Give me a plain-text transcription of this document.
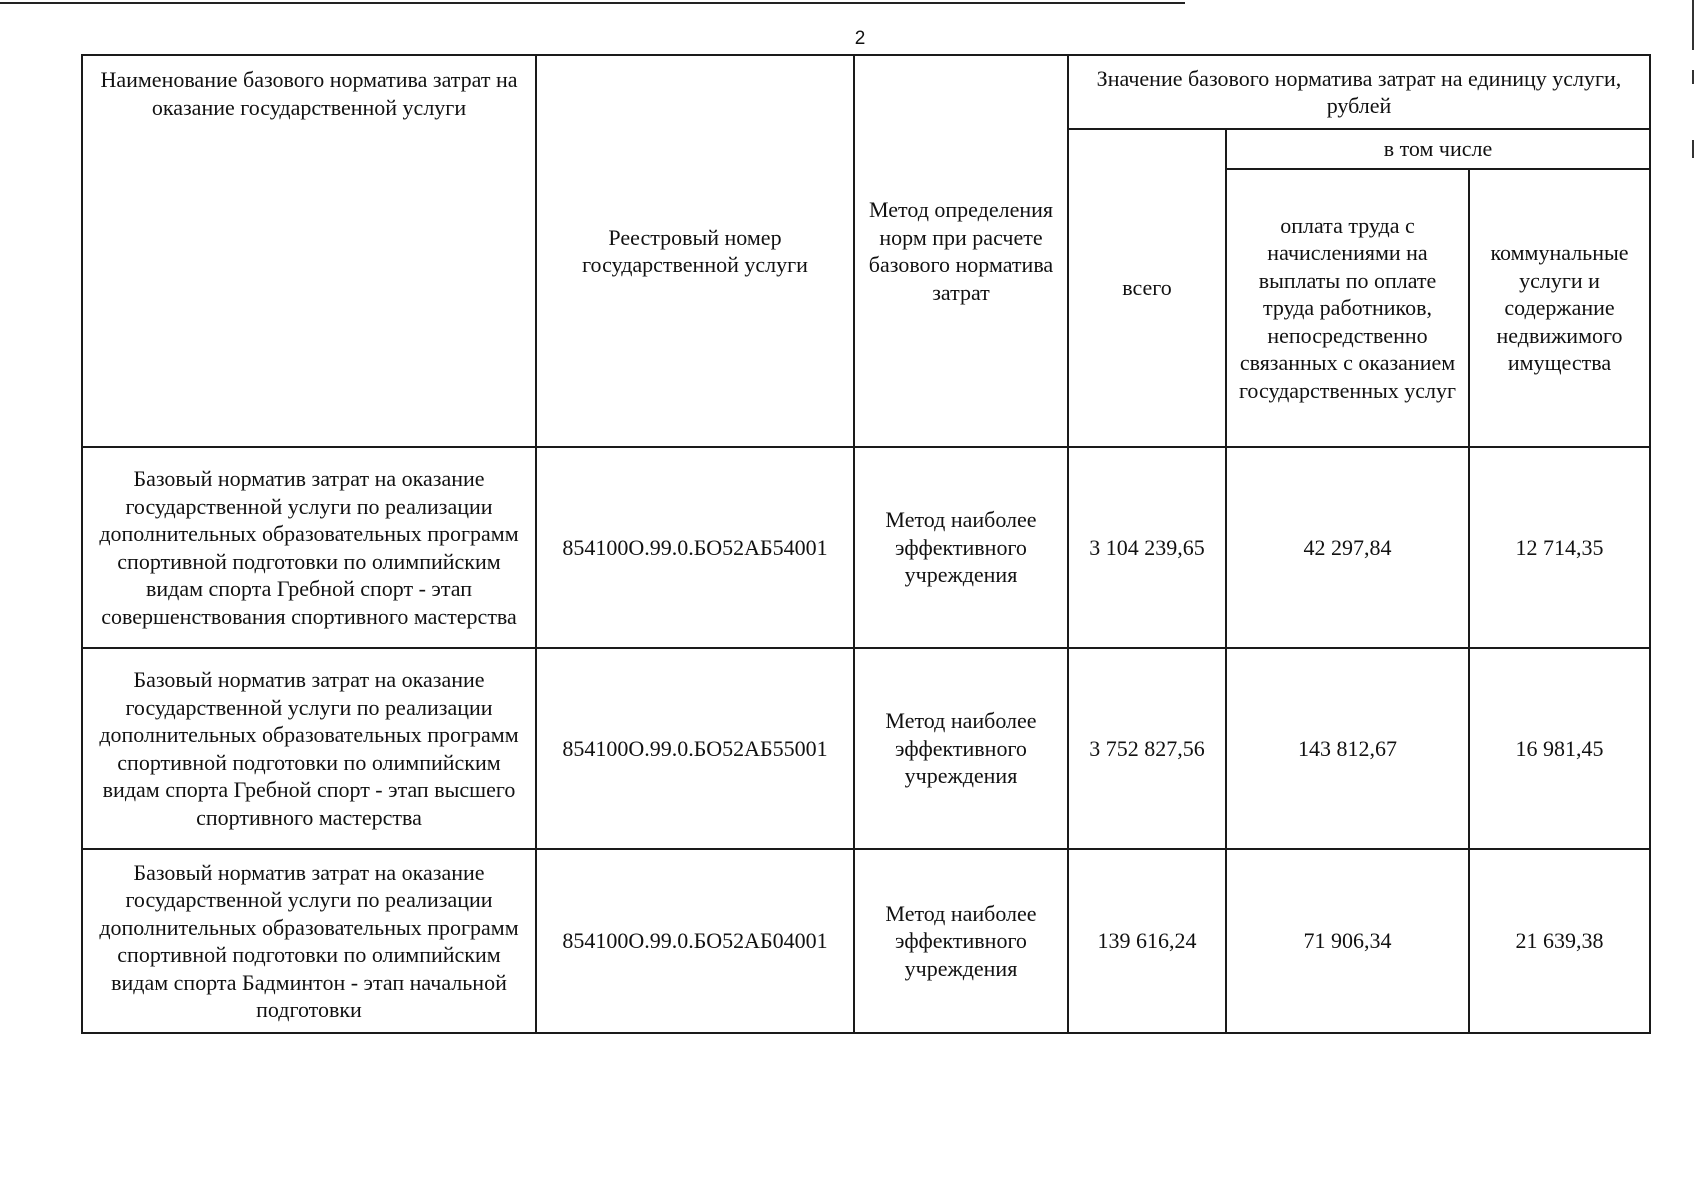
2
Наименование базового норматива затрат на оказание государственной услуги	Реестровый номер государственной услуги	Метод определения норм при расчете базового норматива затрат	Значение базового норматива затрат на единицу услуги, рублей		
			всего	в том числе	
				оплата труда с начислениями на выплаты по оплате труда работников, непосредственно связанных с оказанием государственных услуг	коммунальные услуги и содержание недвижимого имущества
Базовый норматив затрат на оказание государственной услуги по реализации дополнительных образовательных программ спортивной подготовки по олимпийским видам спорта Гребной спорт - этап совершенствования спортивного мастерства	854100О.99.0.БО52АБ54001	Метод наиболее эффективного учреждения	3 104 239,65	42 297,84	12 714,35
Базовый норматив затрат на оказание государственной услуги по реализации дополнительных образовательных программ спортивной подготовки по олимпийским видам спорта Гребной спорт - этап высшего спортивного мастерства	854100О.99.0.БО52АБ55001	Метод наиболее эффективного учреждения	3 752 827,56	143 812,67	16 981,45
Базовый норматив затрат на оказание государственной услуги по реализации дополнительных образовательных программ спортивной подготовки по олимпийским видам спорта Бадминтон - этап начальной подготовки	854100О.99.0.БО52АБ04001	Метод наиболее эффективного учреждения	139 616,24	71 906,34	21 639,38
